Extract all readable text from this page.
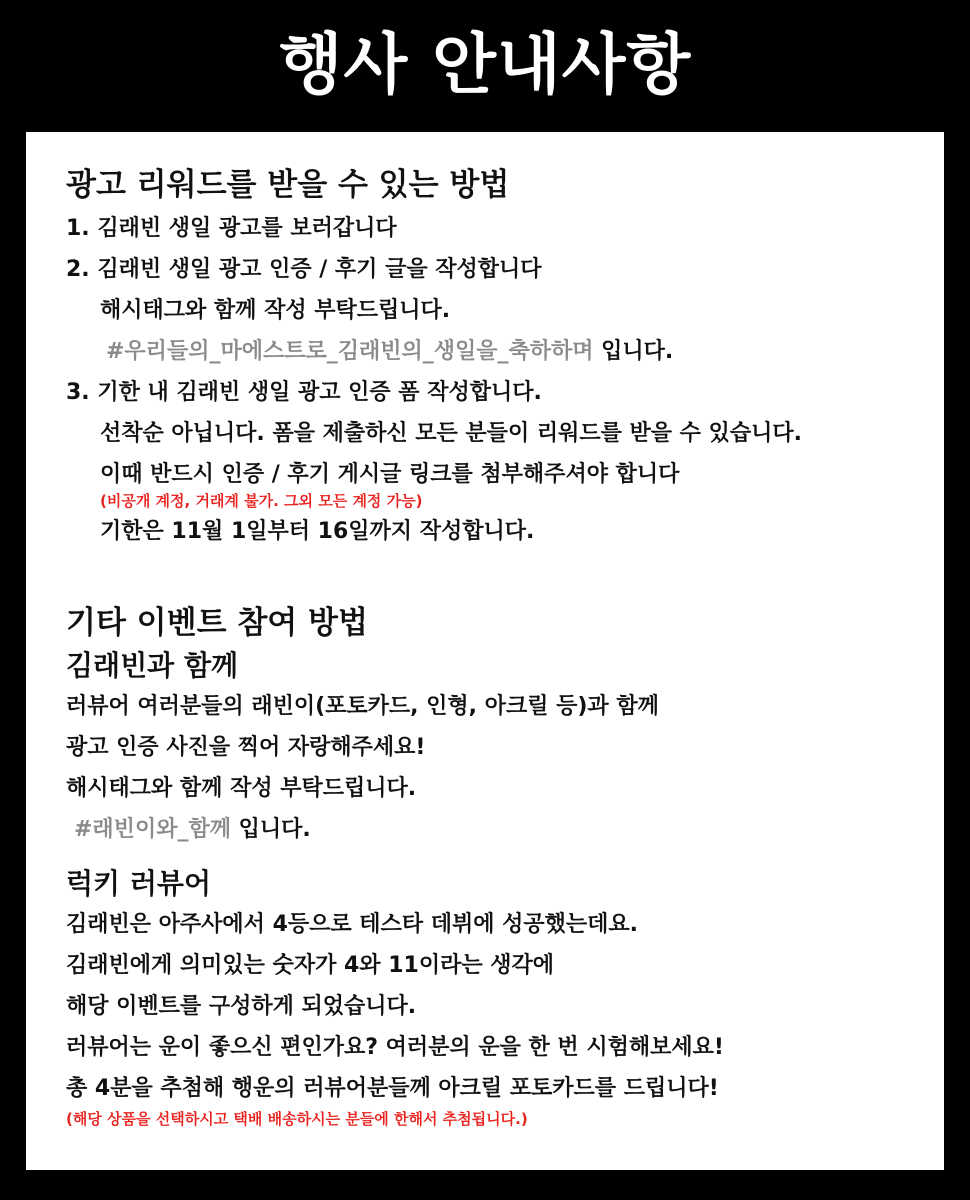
행사 안내사항
광고 리워드를 받을 수 있는 방법
1. 김래빈 생일 광고를 보러갑니다
2. 김래빈 생일 광고 인증 / 후기 글을 작성합니다
해시태그와 함께 작성 부탁드립니다.
#우리들의_마에스트로_김래빈의_생일을_축하하며 입니다.
3. 기한 내 김래빈 생일 광고 인증 폼 작성합니다.
선착순 아닙니다. 폼을 제출하신 모든 분들이 리워드를 받을 수 있습니다.
이때 반드시 인증 / 후기 게시글 링크를 첨부해주셔야 합니다
(비공개 계정, 거래계 불가. 그외 모든 계정 가능)
기한은 11월 1일부터 16일까지 작성합니다.
기타 이벤트 참여 방법
김래빈과 함께
러뷰어 여러분들의 래빈이(포토카드, 인형, 아크릴 등)과 함께
광고 인증 사진을 찍어 자랑해주세요!
해시태그와 함께 작성 부탁드립니다.
#래빈이와_함께 입니다.
럭키 러뷰어
김래빈은 아주사에서 4등으로 테스타 데뷔에 성공했는데요.
김래빈에게 의미있는 숫자가 4와 11이라는 생각에
해당 이벤트를 구성하게 되었습니다.
러뷰어는 운이 좋으신 편인가요? 여러분의 운을 한 번 시험해보세요!
총 4분을 추첨해 행운의 러뷰어분들께 아크릴 포토카드를 드립니다!
(해당 상품을 선택하시고 택배 배송하시는 분들에 한해서 추첨됩니다.)
